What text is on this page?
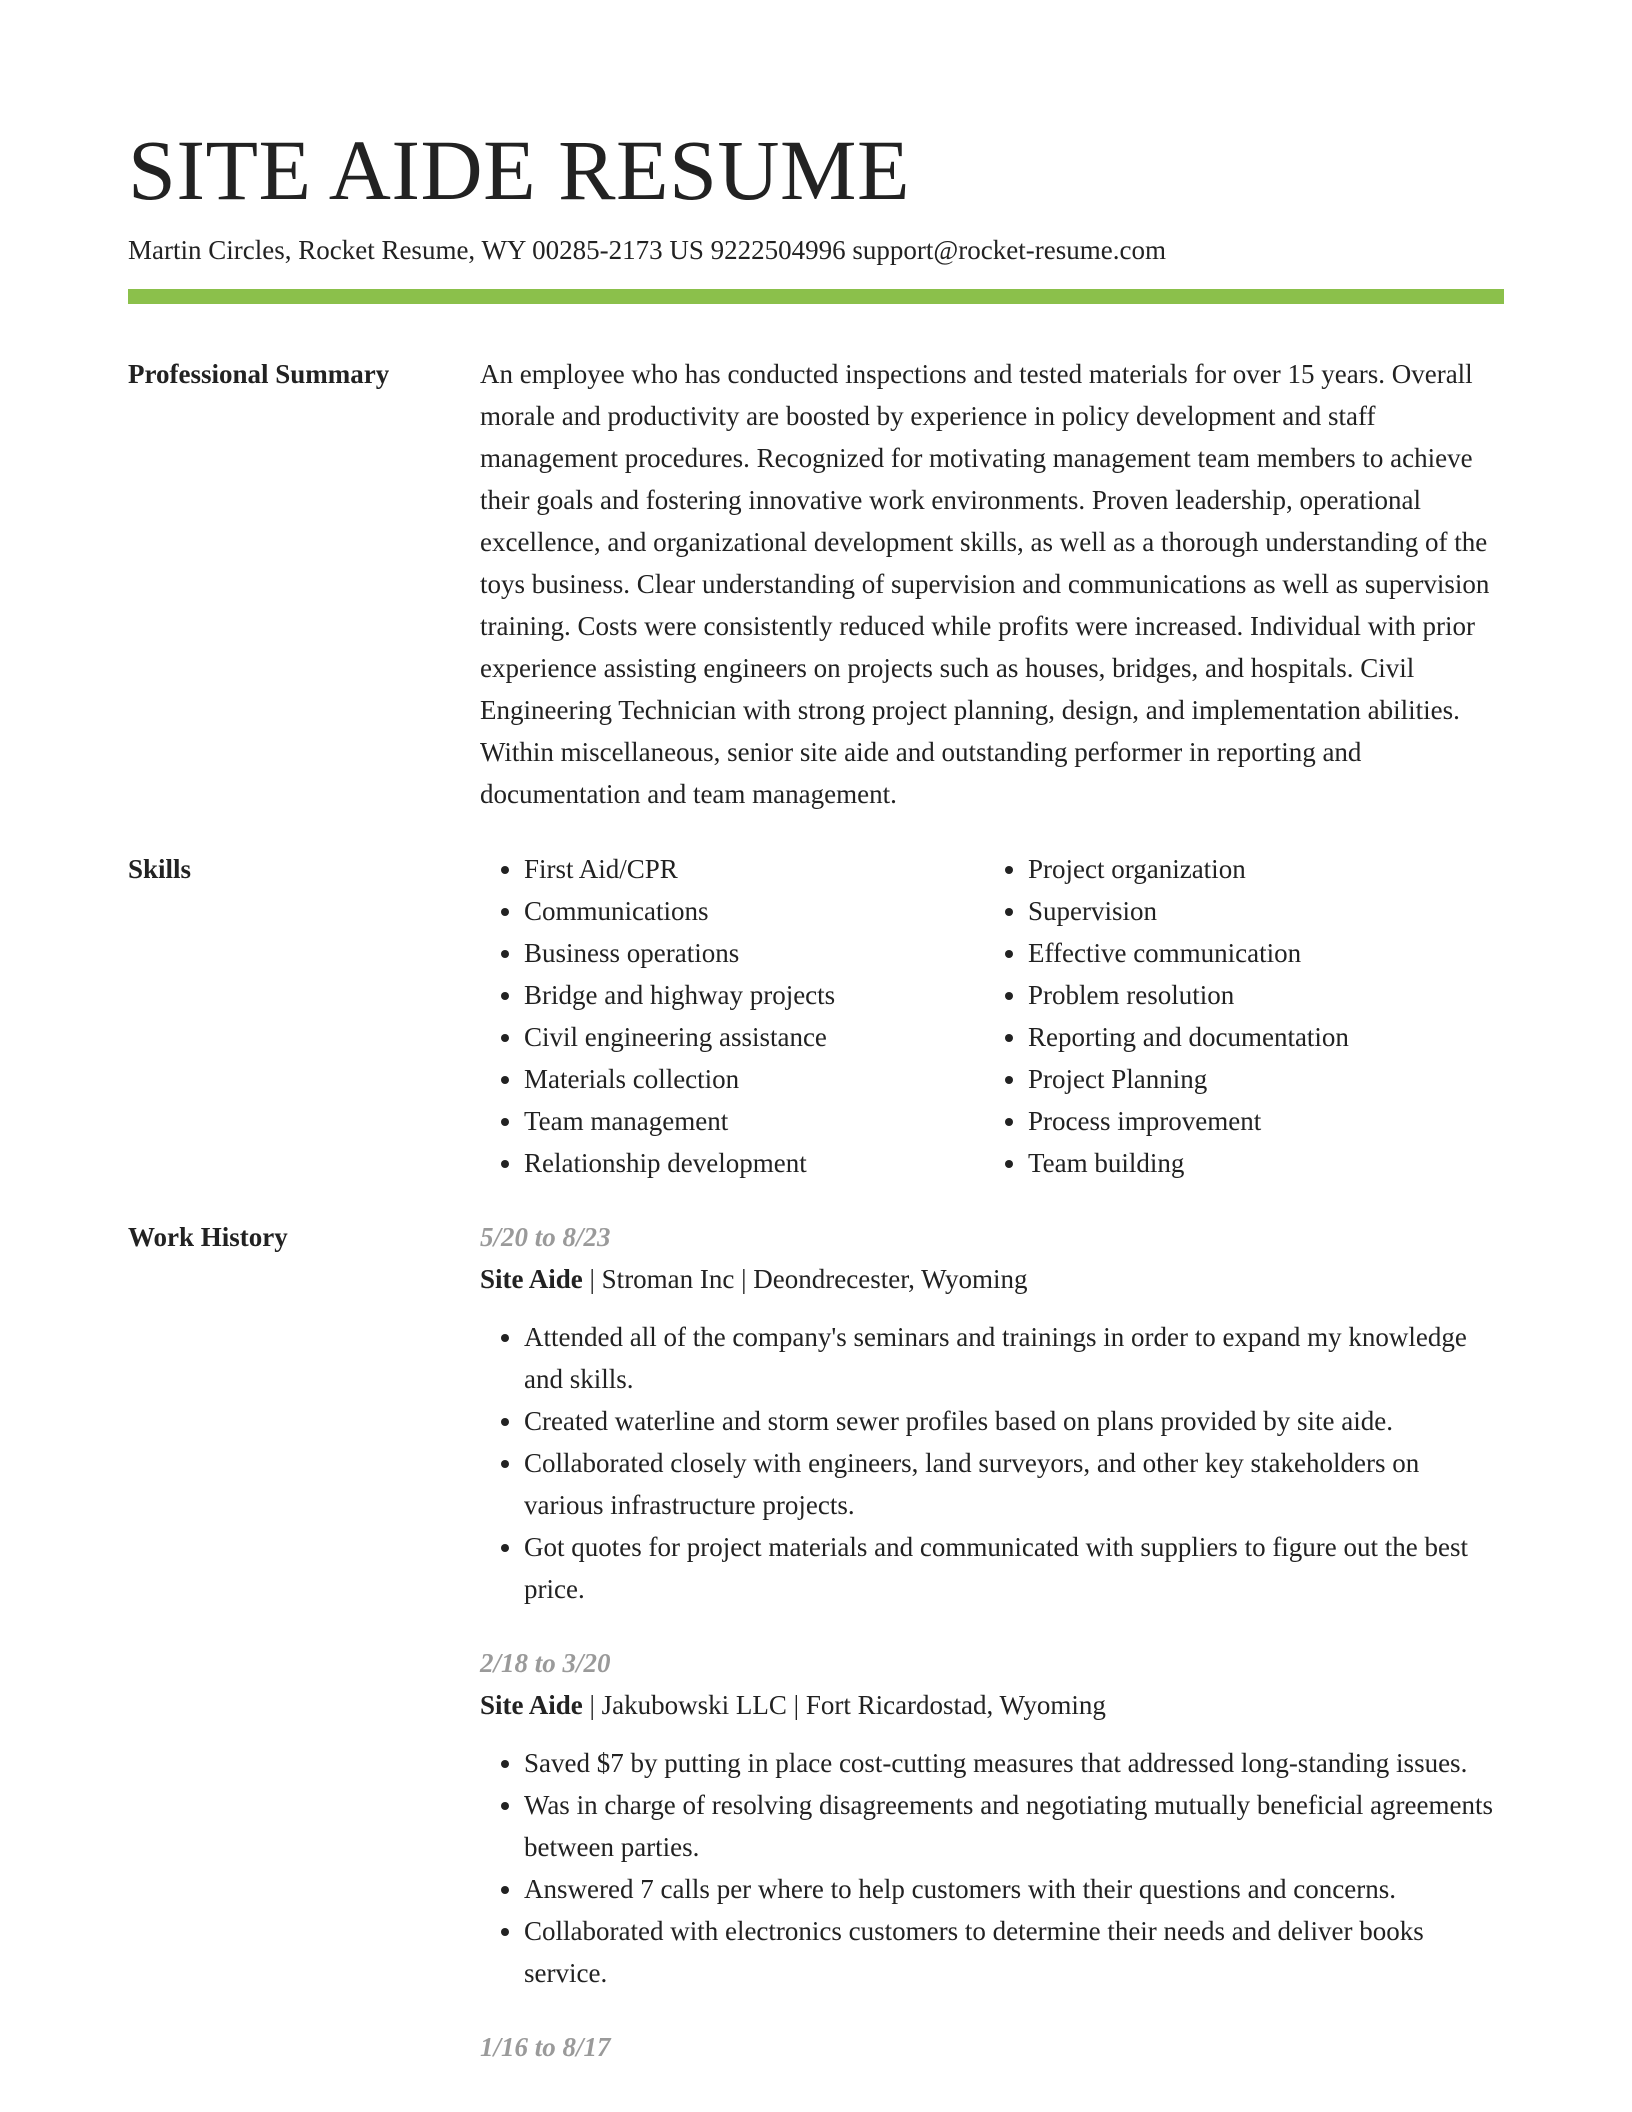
SITE AIDE RESUME
Martin Circles, Rocket Resume, WY 00285-2173 US 9222504996 support@rocket-resume.com
Professional Summary	An employee who has conducted inspections and tested materials for over 15 years. Overall morale and productivity are boosted by experience in policy development and staff management procedures. Recognized for motivating management team members to achieve their goals and fostering innovative work environments. Proven leadership, operational excellence, and organizational development skills, as well as a thorough understanding of the toys business. Clear understanding of supervision and communications as well as supervision training. Costs were consistently reduced while profits were increased. Individual with prior experience assisting engineers on projects such as houses, bridges, and hospitals. Civil Engineering Technician with strong project planning, design, and implementation abilities. Within miscellaneous, senior site aide and outstanding performer in reporting and documentation and team management.

Skills
•	First Aid/CPR
• Communications
• Business operations
• Bridge and highway projects
• Civil engineering assistance
• Materials collection
• Team management
• Relationship development
• Project organization
• Supervision
• Effective communication
• Problem resolution
• Reporting and documentation
• Project Planning
• Process improvement
• Team building
Work History	5/20 to 8/23
Site Aide | Stroman Inc | Deondrecester, Wyoming
• Attended all of the company's seminars and trainings in order to expand my knowledge and skills.
• Created waterline and storm sewer profiles based on plans provided by site aide.
• Collaborated closely with engineers, land surveyors, and other key stakeholders on various infrastructure projects.
• Got quotes for project materials and communicated with suppliers to figure out the best price.
2/18 to 3/20
Site Aide | Jakubowski LLC | Fort Ricardostad, Wyoming
• Saved $7 by putting in place cost-cutting measures that addressed long-standing issues.
• Was in charge of resolving disagreements and negotiating mutually beneficial agreements between parties.
• Answered 7 calls per where to help customers with their questions and concerns.
• Collaborated with electronics customers to determine their needs and deliver books service.
1/16 to 8/17
